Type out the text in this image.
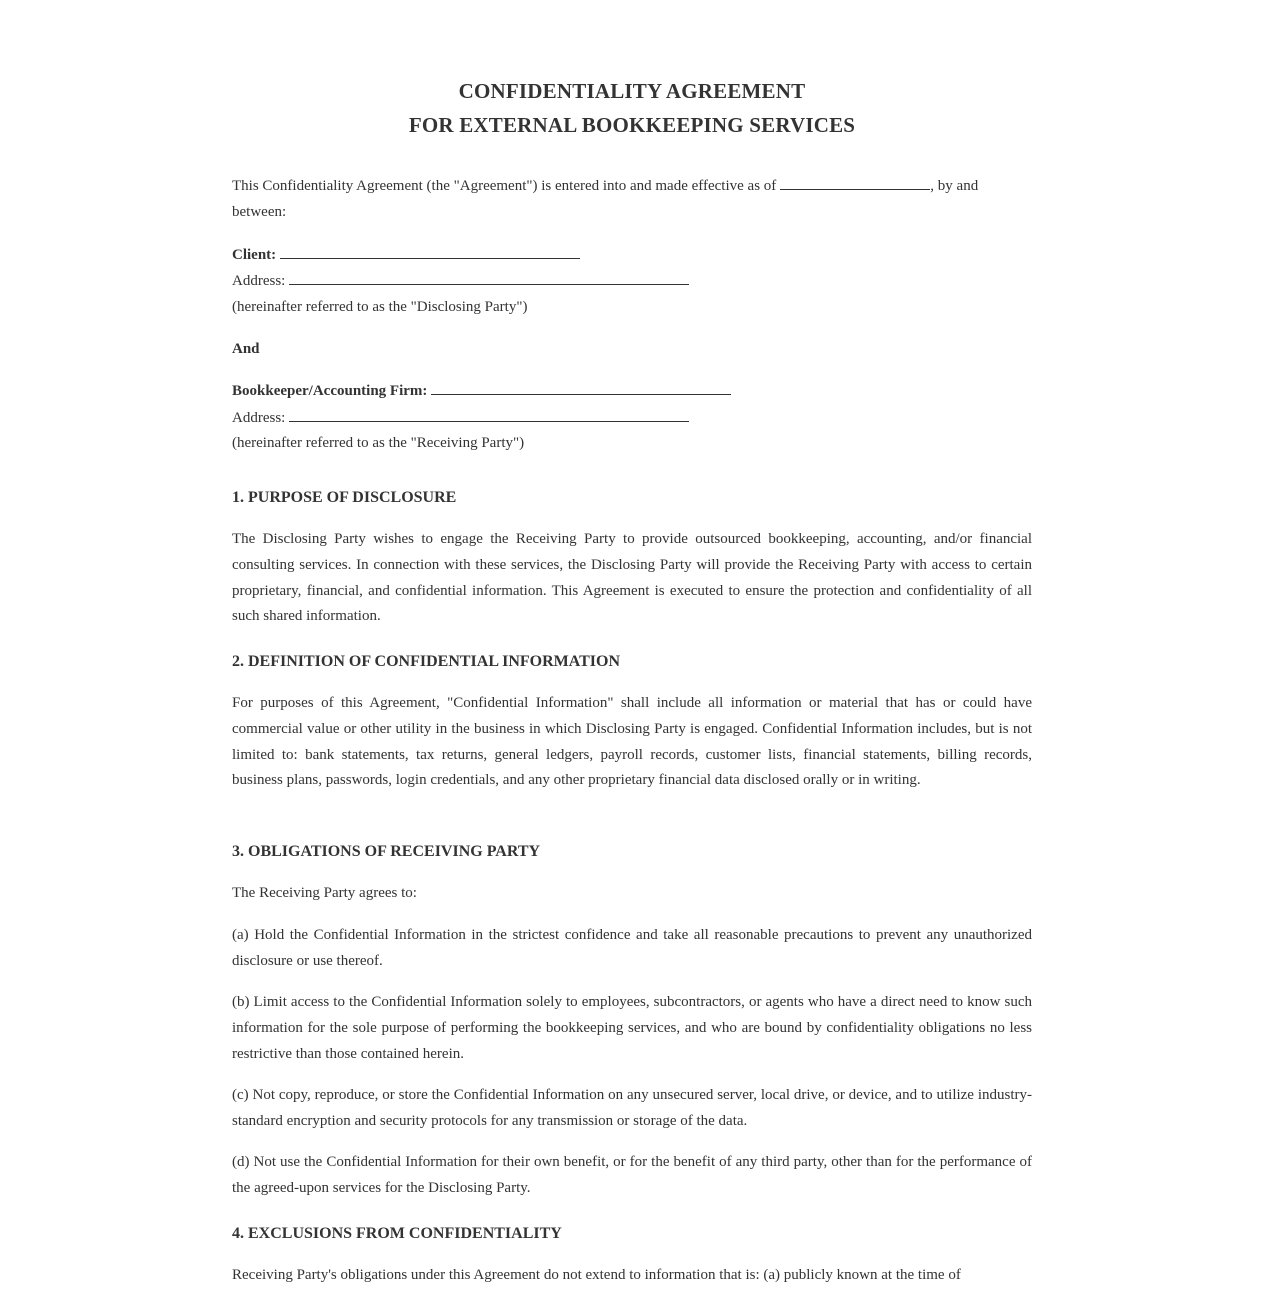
CONFIDENTIALITY AGREEMENT
FOR EXTERNAL BOOKKEEPING SERVICES

This Confidentiality Agreement (the "Agreement") is entered into and made effective as of	, by and
between:

Client:
Address:
(hereinafter referred to as the "Disclosing Party")
And
Bookkeeper/Accounting Firm:
Address:
(hereinafter referred to as the "Receiving Party")
1. PURPOSE OF DISCLOSURE

The Disclosing Party wishes to engage the Receiving Party to provide outsourced bookkeeping, accounting, and/or financial consulting services. In connection with these services, the Disclosing Party will provide the Receiving Party with access to certain proprietary, financial, and confidential information. This Agreement is executed to ensure the protection and confidentiality of all such shared information.

2. DEFINITION OF CONFIDENTIAL INFORMATION

For purposes of this Agreement, "Confidential Information" shall include all information or material that has or could have commercial value or other utility in the business in which Disclosing Party is engaged. Confidential Information includes, but is not limited to: bank statements, tax returns, general ledgers, payroll records, customer lists, financial statements, billing records, business plans, passwords, login credentials, and any other proprietary financial data disclosed orally or in writing.

3. OBLIGATIONS OF RECEIVING PARTY

The Receiving Party agrees to:

(a) Hold the Confidential Information in the strictest confidence and take all reasonable precautions to prevent any unauthorized disclosure or use thereof.

(b) Limit access to the Confidential Information solely to employees, subcontractors, or agents who have a direct need to know such information for the sole purpose of performing the bookkeeping services, and who are bound by confidentiality obligations no less restrictive than those contained herein.

(c) Not copy, reproduce, or store the Confidential Information on any unsecured server, local drive, or device, and to utilize industry-standard encryption and security protocols for any transmission or storage of the data.

(d) Not use the Confidential Information for their own benefit, or for the benefit of any third party, other than for the performance of the agreed-upon services for the Disclosing Party.

4. EXCLUSIONS FROM CONFIDENTIALITY

Receiving Party's obligations under this Agreement do not extend to information that is: (a) publicly known at the time of
